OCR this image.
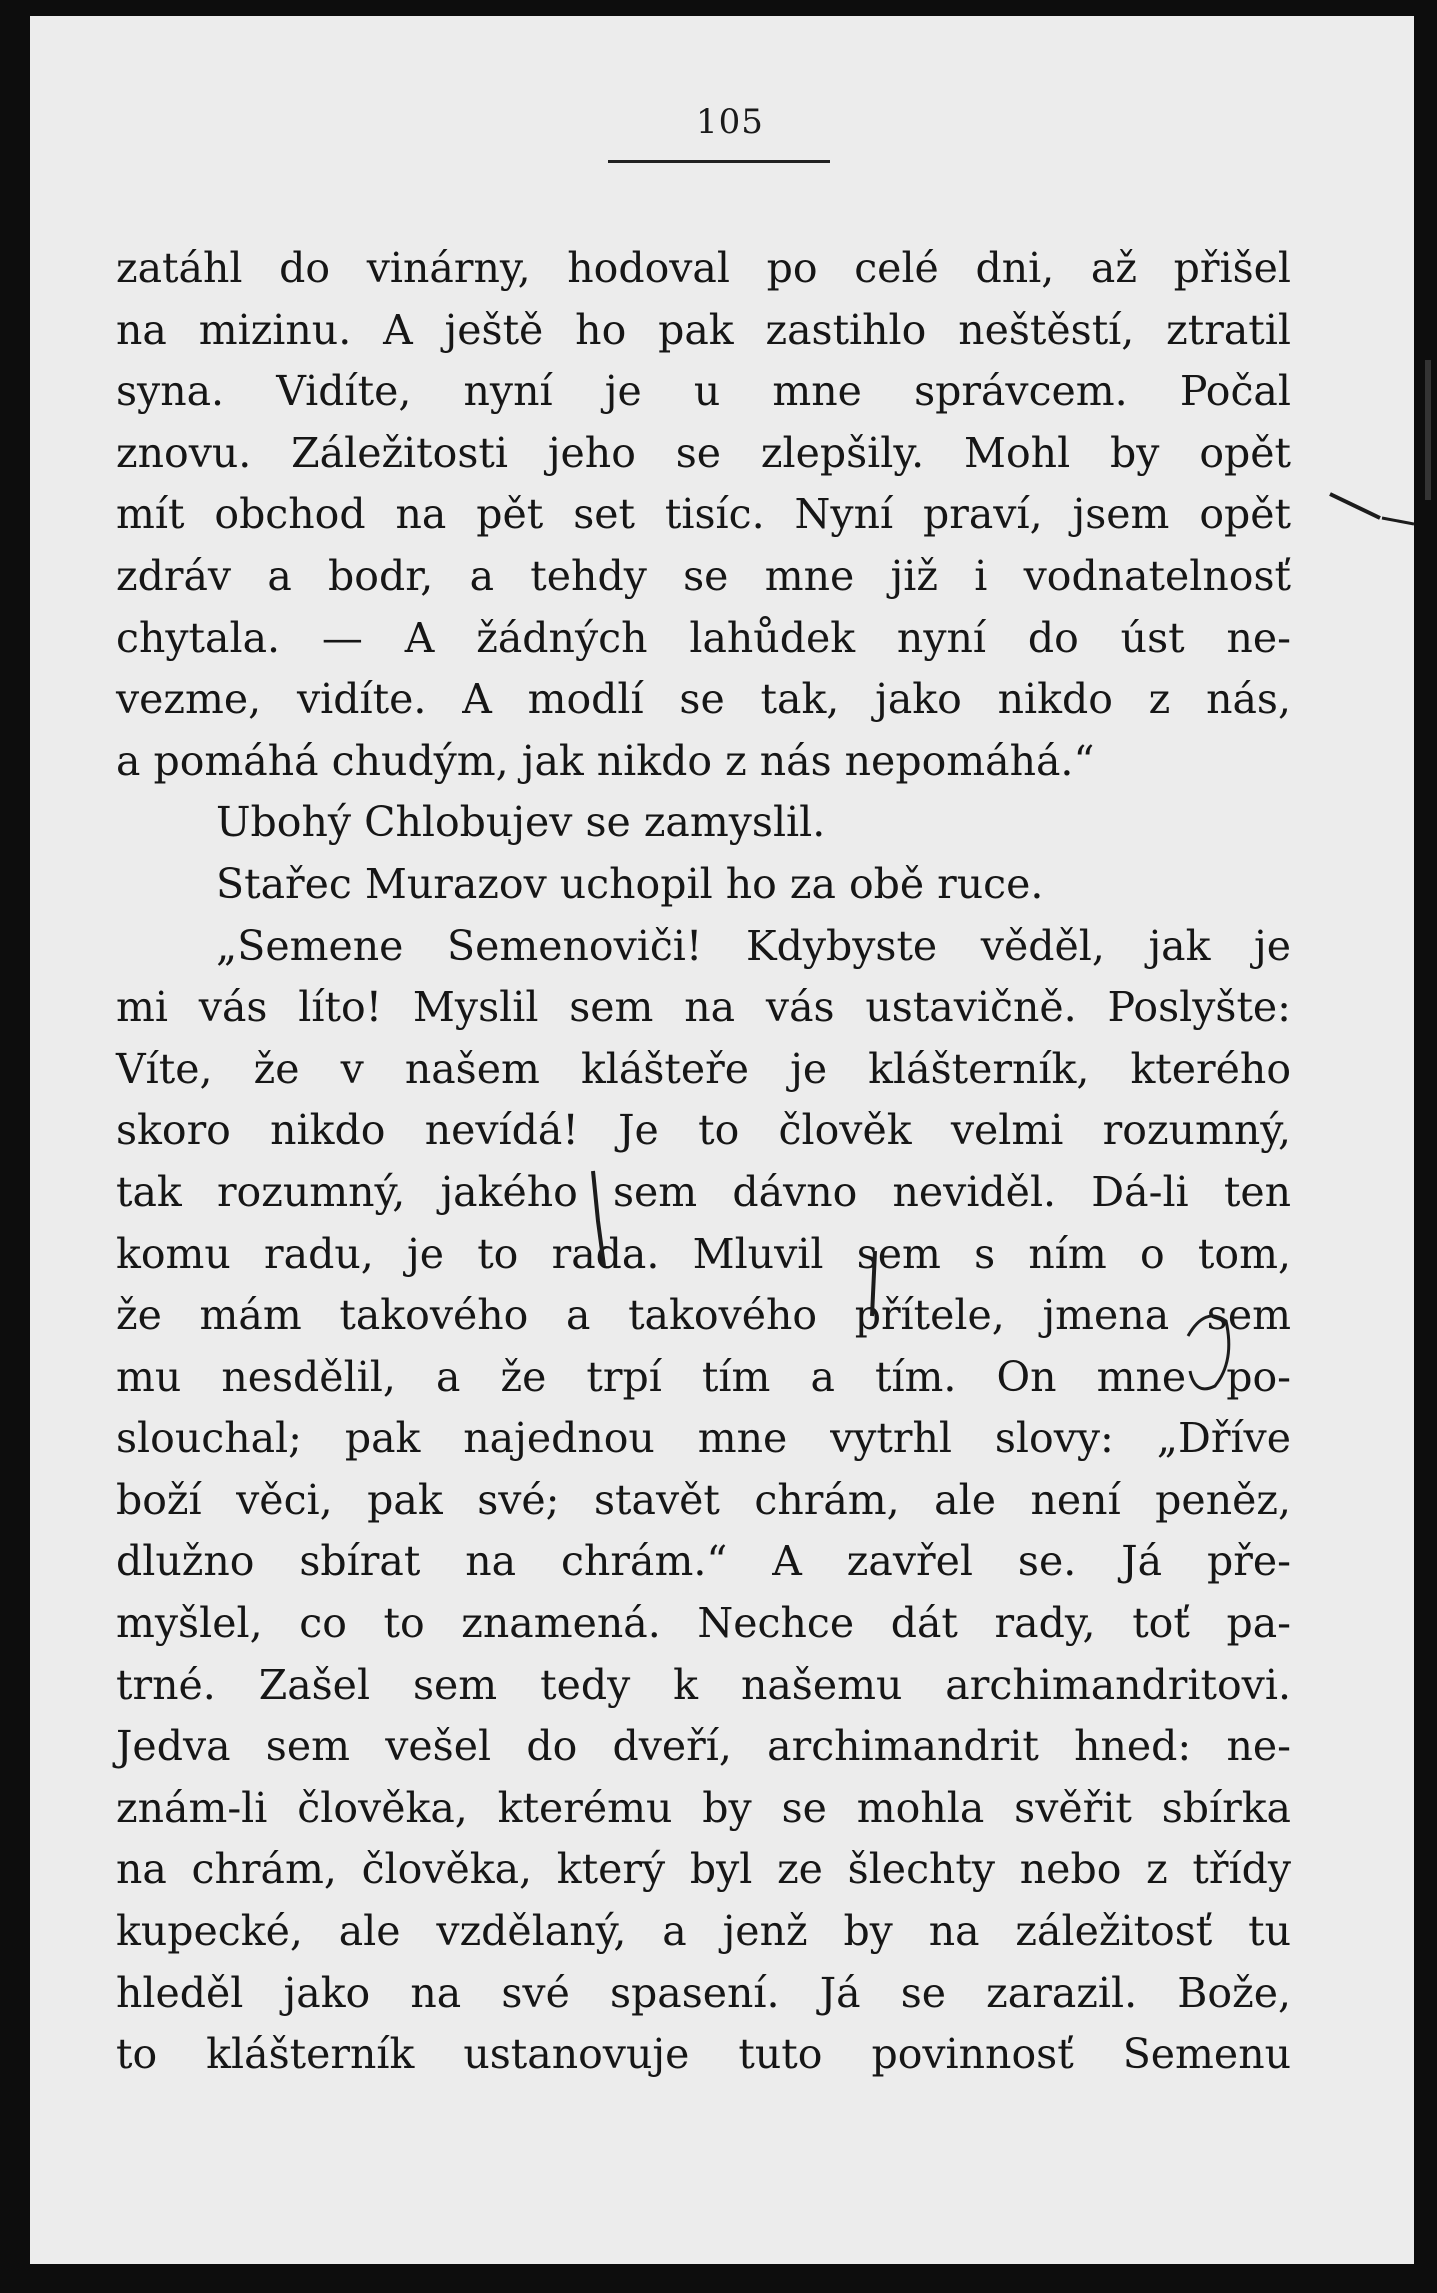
105
zatáhl do vinárny, hodoval po celé dni, až přišel
na mizinu. A ještě ho pak zastihlo neštěstí, ztratil
syna. Vidíte, nyní je u mne správcem. Počal
znovu. Záležitosti jeho se zlepšily. Mohl by opět
mít obchod na pět set tisíc. Nyní praví, jsem opět
zdráv a bodr, a tehdy se mne již i vodnatelnosť
chytala. — A žádných lahůdek nyní do úst ne-
vezme, vidíte. A modlí se tak, jako nikdo z nás,
a pomáhá chudým, jak nikdo z nás nepomáhá.“
Ubohý Chlobujev se zamyslil.
Stařec Murazov uchopil ho za obě ruce.
„Semene Semenoviči! Kdybyste věděl, jak je
mi vás líto! Myslil sem na vás ustavičně. Poslyšte:
Víte, že v našem klášteře je klášterník, kterého
skoro nikdo nevídá! Je to člověk velmi rozumný,
tak rozumný, jakého sem dávno neviděl. Dá-li ten
komu radu, je to rada. Mluvil sem s ním o tom,
že mám takového a takového přítele, jmena sem
mu nesdělil, a že trpí tím a tím. On mne po-
slouchal; pak najednou mne vytrhl slovy: „Dříve
boží věci, pak své; stavět chrám, ale není peněz,
dlužno sbírat na chrám.“ A zavřel se. Já pře-
myšlel, co to znamená. Nechce dát rady, toť pa-
trné. Zašel sem tedy k našemu archimandritovi.
Jedva sem vešel do dveří, archimandrit hned: ne-
znám-li člověka, kterému by se mohla svěřit sbírka
na chrám, člověka, který byl ze šlechty nebo z třídy
kupecké, ale vzdělaný, a jenž by na záležitosť tu
hleděl jako na své spasení. Já se zarazil. Bože,
to klášterník ustanovuje tuto povinnosť Semenu
